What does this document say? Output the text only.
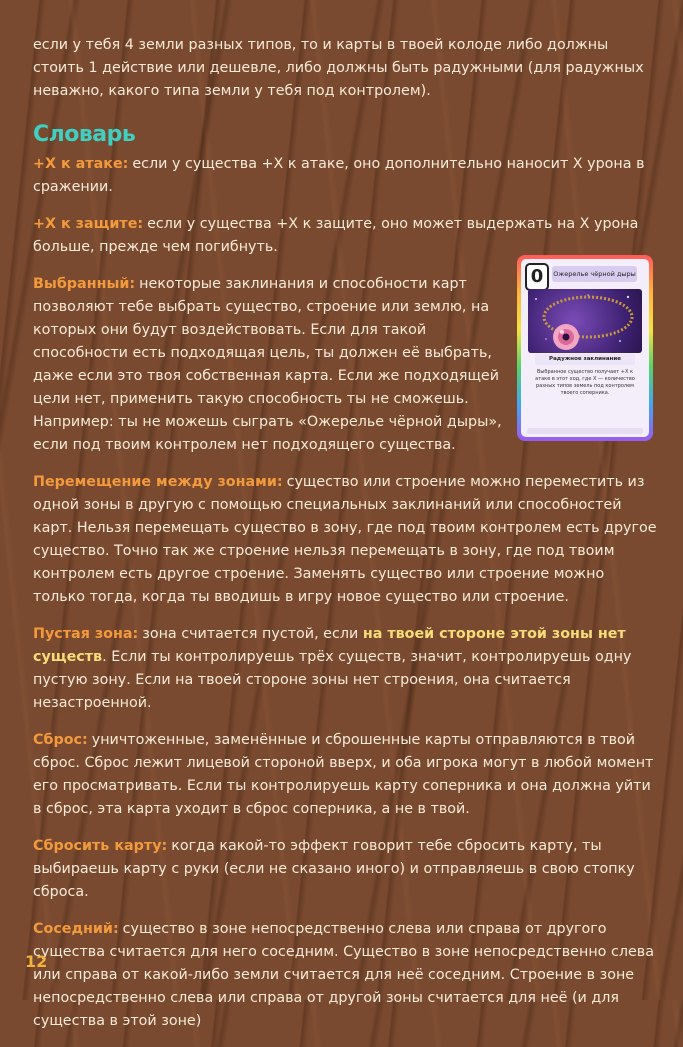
если у тебя 4 земли разных типов, то и карты в твоей колоде либо должны стоить 1 действие или дешевле, либо должны быть радужными (для радужных неважно, какого типа земли у тебя под контролем).

Словарь

+X к атаке: если у существа +X к атаке, оно дополнительно наносит X урона в сражении.

+X к защите: если у существа +X к защите, оно может выдержать на X урона больше, прежде чем погибнуть.

Выбранный: некоторые заклинания и способности карт позволяют тебе выбрать существо, строение или землю, на которых они будут воздействовать. Если для такой способности есть подходящая цель, ты должен её выбрать, даже если это твоя собственная карта. Если же подходящей цели нет, применить такую способность ты не сможешь. Например: ты не можешь сыграть «Ожерелье чёрной дыры», если под твоим контролем нет подходящего существа.

Перемещение между зонами: существо или строение можно переместить из одной зоны в другую с помощью специальных заклинаний или способностей карт. Нельзя перемещать существо в зону, где под твоим контролем есть другое существо. Точно так же строение нельзя перемещать в зону, где под твоим контролем есть другое строение. Заменять существо или строение можно только тогда, когда ты вводишь в игру новое существо или строение.

Пустая зона: зона считается пустой, если на твоей стороне этой зоны нет существ. Если ты контролируешь трёх существ, значит, контролируешь одну пустую зону. Если на твоей стороне зоны нет строения, она считается незастроенной.

Сброс: уничтоженные, заменённые и сброшенные карты отправляются в твой сброс. Сброс лежит лицевой стороной вверх, и оба игрока могут в любой момент его просматривать. Если ты контролируешь карту соперника и она должна уйти в сброс, эта карта уходит в сброс соперника, а не в твой.

Сбросить карту: когда какой-то эффект говорит тебе сбросить карту, ты выбираешь карту с руки (если не сказано иного) и отправляешь в свою стопку сброса.

Соседний: существо в зоне непосредственно слева или справа от другого существа считается для него соседним. Существо в зоне непосредственно слева или справа от какой-либо земли считается для неё соседним. Строение в зоне непосредственно слева или справа от другой зоны считается для неё (и для существа в этой зоне)

0	Ожерелье чёрной дыры
Радужное заклинание
Выбранное существо получает +X к атаке в этот ход, где X — количество разных типов земель под контролем твоего соперника.
12
